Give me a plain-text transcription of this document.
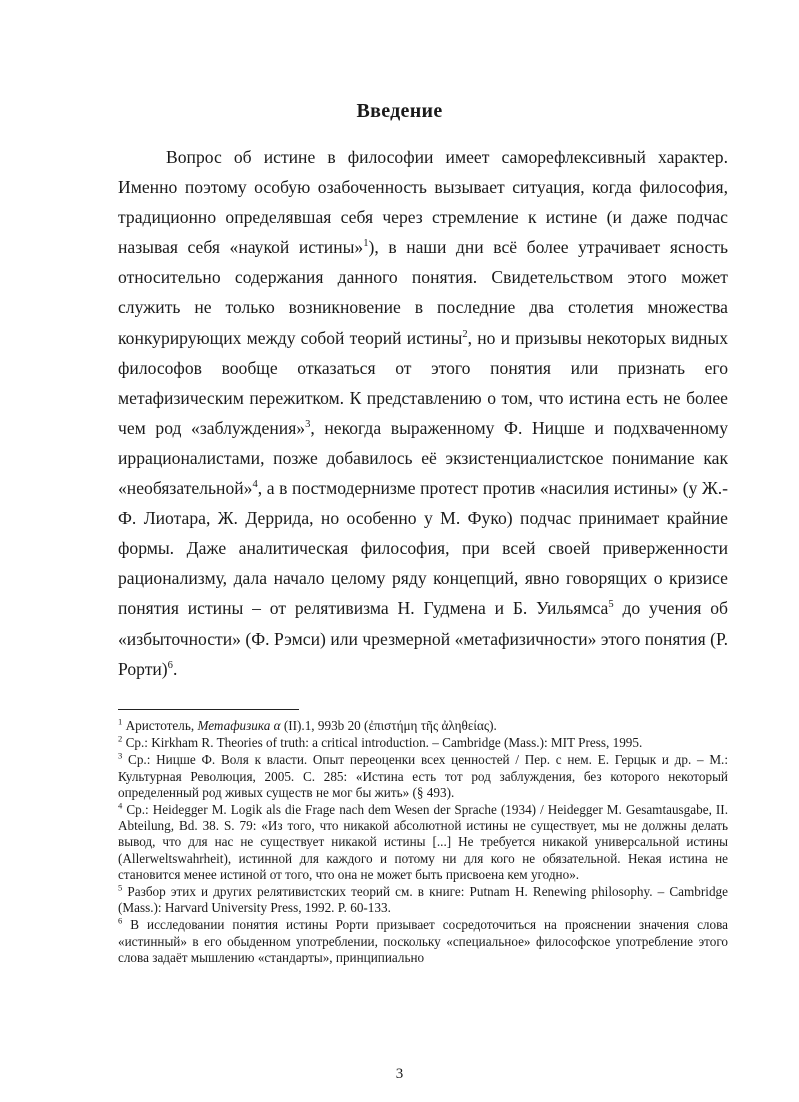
Введение

Вопрос об истине в философии имеет саморефлексивный характер. Именно поэтому особую озабоченность вызывает ситуация, когда философия, традиционно определявшая себя через стремление к истине (и даже подчас называя себя «наукой истины»$^1$), в наши дни всё более утрачивает ясность относительно содержания данного понятия. Свидетельством этого может служить не только возникновение в последние два столетия множества конкурирующих между собой теорий истины$^2$, но и призывы некоторых видных философов вообще отказаться от этого понятия или признать его метафизическим пережитком. К представлению о том, что истина есть не более чем род «заблуждения»$^3$, некогда выраженному Ф. Ницше и подхваченному иррационалистами, позже добавилось её экзистенциалистское понимание как «необязательной»$^4$, а в постмодернизме протест против «насилия истины» (у Ж.-Ф. Лиотара, Ж. Деррида, но особенно у М. Фуко) подчас принимает крайние формы. Даже аналитическая философия, при всей своей приверженности рационализму, дала начало целому ряду концепций, явно говорящих о кризисе понятия истины – от релятивизма Н. Гудмена и Б. Уильямса$^5$ до учения об «избыточности» (Ф. Рэмси) или чрезмерной «метафизичности» этого понятия (Р. Рорти)$^6$.

$^1$ Аристотель, Метафизика α (II).1, 993b 20 (ἐπιστήμη τῆς ἀληθείας).

$^2$ Ср.: Kirkham R. Theories of truth: a critical introduction. – Cambridge (Mass.): MIT Press, 1995.

$^3$ Ср.: Ницше Ф. Воля к власти. Опыт переоценки всех ценностей / Пер. с нем. Е. Герцык и др. – М.: Культурная Революция, 2005. С. 285: «Истина есть тот род заблуждения, без которого некоторый определенный род живых существ не мог бы жить» (§ 493).

$^4$ Ср.: Heidegger M. Logik als die Frage nach dem Wesen der Sprache (1934) / Heidegger M. Gesamtausgabe, II. Abteilung, Bd. 38. S. 79: «Из того, что никакой абсолютной истины не существует, мы не должны делать вывод, что для нас не существует никакой истины [...] Не требуется никакой универсальной истины (Allerweltswahrheit), истинной для каждого и потому ни для кого не обязательной. Некая истина не становится менее истиной от того, что она не может быть присвоена кем угодно».

$^5$ Разбор этих и других релятивистских теорий см. в книге: Putnam H. Renewing philosophy. – Cambridge (Mass.): Harvard University Press, 1992. P. 60-133.

$^6$ В исследовании понятия истины Рорти призывает сосредоточиться на прояснении значения слова «истинный» в его обыденном употреблении, поскольку «специальное» философское употребление этого слова задаёт мышлению «стандарты», принципиально

3
